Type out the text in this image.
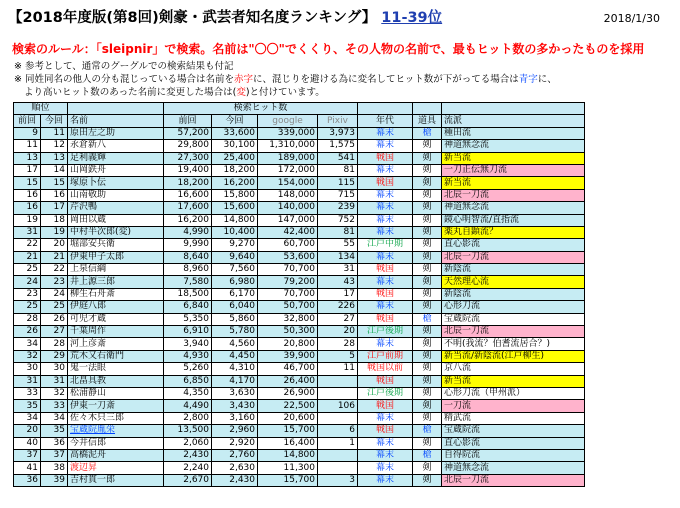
【2018年度版(第8回)剣豪・武芸者知名度ランキング】 11-39位	2018/1/30
検索のルール：「sleipnir」で検索。名前は"〇〇"でくくり、その人物の名前で、最もヒット数の多かったものを採用
※ 参考として、通常のグーグルでの検索結果も付記
※ 同姓同名の他人の分も混じっている場合は名前を赤字に、混じりを避ける為に変名してヒット数が下がってる場合は青字に、
より高いヒット数のあった名前に変更した場合は(変)と付けています。
順位			検索ヒット数						
前回	今回	名前	前回	今回	google	Pixiv	年代	道具	流派
9	11	原田左之助	57,200	33,600	339,000	3,973	幕末	槍	種田流
11	12	永倉新八	29,800	30,100	1,310,000	1,575	幕末	剣	神道無念流
13	13	足利義輝	27,300	25,400	189,000	541	戦国	剣	新当流
17	14	山岡鉄舟	19,400	18,200	172,000	81	幕末	剣	一刀正伝無刀流
15	15	塚原卜伝	18,200	16,200	154,000	115	戦国	剣	新当流
16	16	山南敬助	16,600	15,800	148,000	715	幕末	剣	北辰一刀流
16	17	芹沢鴨	17,600	15,600	140,000	239	幕末	剣	神道無念流
19	18	岡田以蔵	16,200	14,800	147,000	752	幕末	剣	鏡心明智流/直指流
31	19	中村半次郎(変)	4,990	10,400	42,400	81	幕末	剣	薬丸自顕流？
22	20	堀部安兵衛	9,990	9,270	60,700	55	江戸中期	剣	直心影流
21	21	伊東甲子太郎	8,640	9,640	53,600	134	幕末	剣	北辰一刀流
25	22	上泉信綱	8,960	7,560	70,700	31	戦国	剣	新陰流
24	23	井上源三郎	7,580	6,980	79,200	43	幕末	剣	天然理心流
23	24	柳生石舟斎	18,500	6,170	70,700	17	戦国	剣	新陰流
25	25	伊庭八郎	6,840	6,040	50,700	226	幕末	剣	心形刀流
28	26	可児才蔵	5,350	5,860	32,800	27	戦国	槍	宝蔵院流
26	27	千葉周作	6,910	5,780	50,300	20	江戸後期	剣	北辰一刀流
34	28	河上彦斎	3,940	4,560	20,800	28	幕末	剣	不明(我流？伯耆流居合？)
32	29	荒木又右衛門	4,930	4,450	39,900	5	江戸前期	剣	新当流/新陰流(江戸柳生)
30	30	鬼一法眼	5,260	4,310	46,700	11	戦国以前	剣	京八流
31	31	北畠具教	6,850	4,170	26,400		戦国	剣	新当流
33	32	松浦静山	4,350	3,630	26,900		江戸後期	剣	心形刀流（甲州派）
35	33	伊東一刀斎	4,490	3,430	22,500	106	戦国	剣	一刀流
34	34	佐々木只三郎	2,800	3,160	20,600		幕末	剣	精武流
20	35	宝蔵院胤栄	13,500	2,960	15,700	6	戦国	槍	宝蔵院流
40	36	今井信郎	2,060	2,920	16,400	1	幕末	剣	直心影流
37	37	高橋泥舟	2,430	2,760	14,800		幕末	槍	自得院流
41	38	渡辺昇	2,240	2,630	11,300		幕末	剣	神道無念流
36	39	吉村貫一郎	2,670	2,430	15,700	3	幕末	剣	北辰一刀流
